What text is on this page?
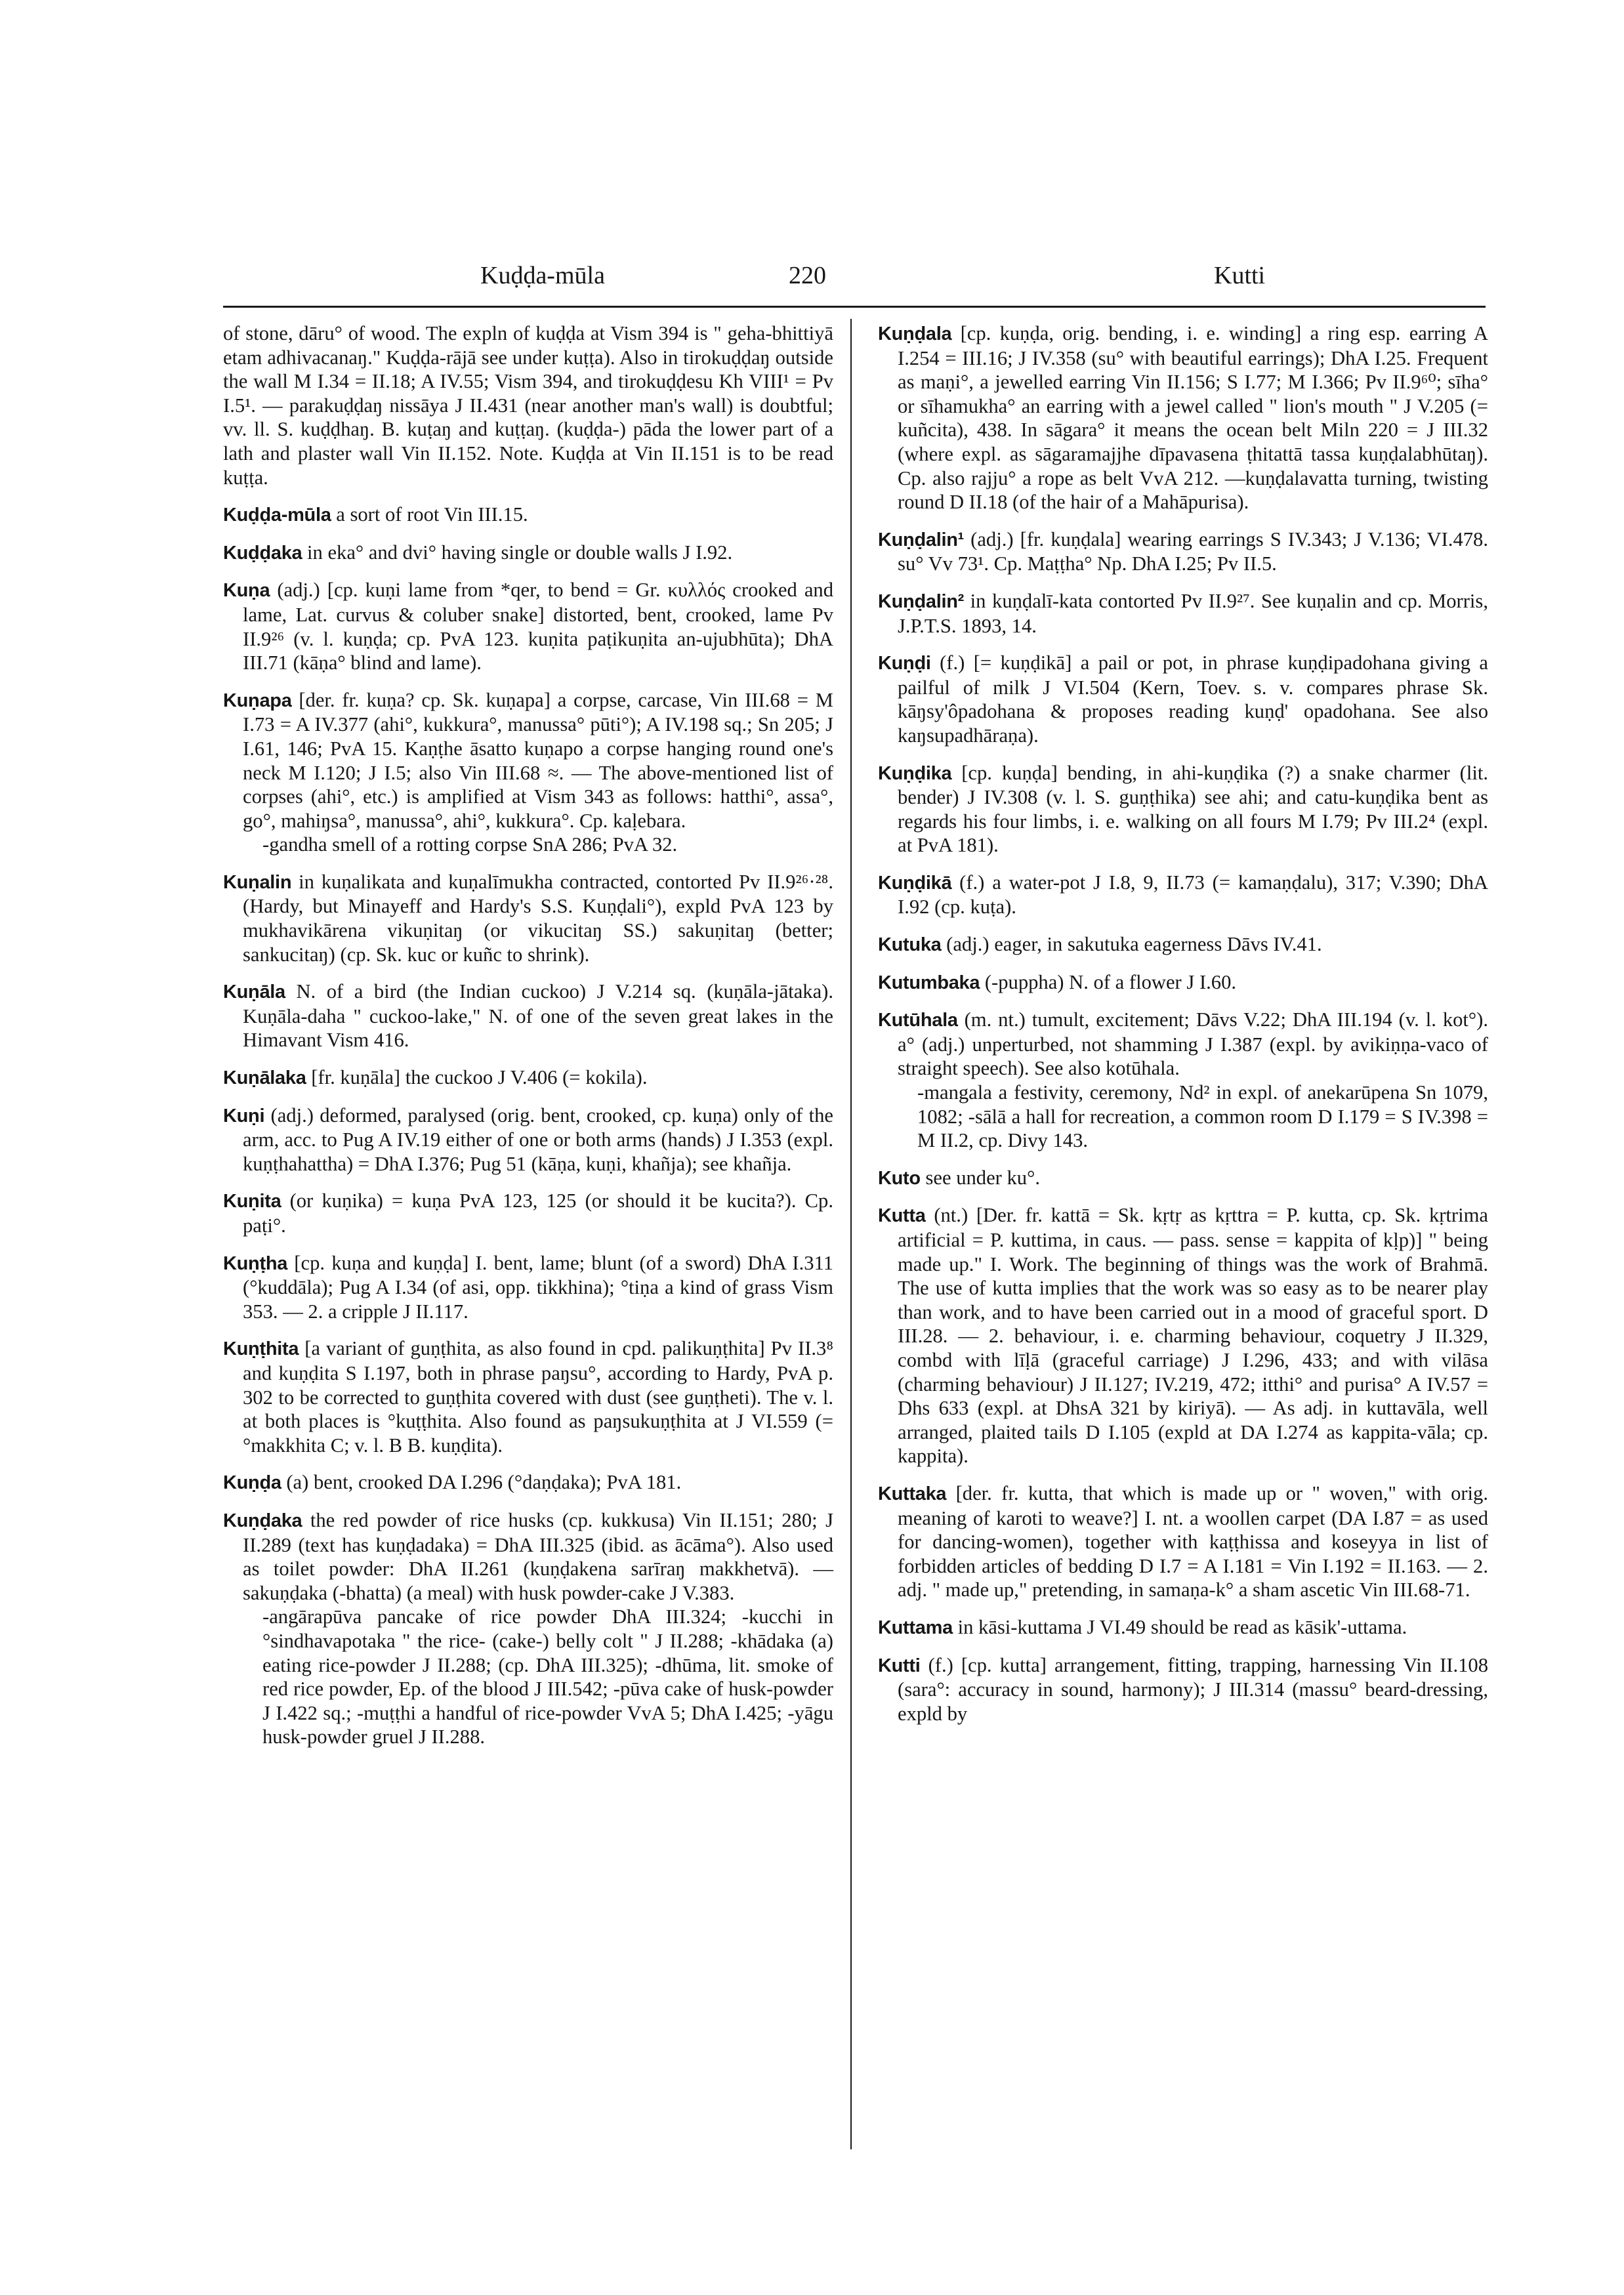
Kuḍḍa-mūla	220	Kutti
of stone, dāru° of wood. The expln of kuḍḍa at Vism 394 is " geha-bhittiyā etam adhivacanaŋ." Kuḍḍa-rājā see under kuṭṭa). Also in tirokuḍḍaŋ outside the wall M I.34 = II.18; A IV.55; Vism 394, and tirokuḍḍesu Kh VIII¹ = Pv I.5¹. — parakuḍḍaŋ nissāya J II.431 (near another man's wall) is doubtful; vv. ll. S. kuḍḍhaŋ. B. kuṭaŋ and kuṭṭaŋ. (kuḍḍa-) pāda the lower part of a lath and plaster wall Vin II.152. Note. Kuḍḍa at Vin II.151 is to be read kuṭṭa.
Kuḍḍa-mūla a sort of root Vin III.15.
Kuḍḍaka in eka° and dvi° having single or double walls J I.92.
Kuṇa (adj.) [cp. kuṇi lame from *qer, to bend = Gr. κυλλός crooked and lame, Lat. curvus & coluber snake] distorted, bent, crooked, lame Pv II.9²⁶ (v. l. kuṇḍa; cp. PvA 123. kuṇita paṭikuṇita an-ujubhūta); DhA III.71 (kāṇa° blind and lame).
Kuṇapa [der. fr. kuṇa? cp. Sk. kuṇapa] a corpse, carcase, Vin III.68 = M I.73 = A IV.377 (ahi°, kukkura°, manussa° pūti°); A IV.198 sq.; Sn 205; J I.61, 146; PvA 15. Kaṇṭhe āsatto kuṇapo a corpse hanging round one's neck M I.120; J I.5; also Vin III.68 ≈. — The above-mentioned list of corpses (ahi°, etc.) is amplified at Vism 343 as follows: hatthi°, assa°, go°, mahiŋsa°, manussa°, ahi°, kukkura°. Cp. kaḷebara.
-gandha smell of a rotting corpse SnA 286; PvA 32.
Kuṇalin in kuṇalikata and kuṇalīmukha contracted, contorted Pv II.9²⁶·²⁸. (Hardy, but Minayeff and Hardy's S.S. Kuṇḍali°), expld PvA 123 by mukhavikārena vikuṇitaŋ (or vikucitaŋ SS.) sakuṇitaŋ (better; sankucitaŋ) (cp. Sk. kuc or kuñc to shrink).
Kuṇāla N. of a bird (the Indian cuckoo) J V.214 sq. (kuṇāla-jātaka). Kuṇāla-daha " cuckoo-lake," N. of one of the seven great lakes in the Himavant Vism 416.
Kuṇālaka [fr. kuṇāla] the cuckoo J V.406 (= kokila).
Kuṇi (adj.) deformed, paralysed (orig. bent, crooked, cp. kuṇa) only of the arm, acc. to Pug A IV.19 either of one or both arms (hands) J I.353 (expl. kuṇṭhahattha) = DhA I.376; Pug 51 (kāṇa, kuṇi, khañja); see khañja.
Kuṇita (or kuṇika) = kuṇa PvA 123, 125 (or should it be kucita?). Cp. paṭi°.
Kuṇṭha [cp. kuṇa and kuṇḍa] I. bent, lame; blunt (of a sword) DhA I.311 (°kuddāla); Pug A I.34 (of asi, opp. tikkhina); °tiṇa a kind of grass Vism 353. — 2. a cripple J II.117.
Kuṇṭhita [a variant of guṇṭhita, as also found in cpd. palikuṇṭhita] Pv II.3⁸ and kuṇḍita S I.197, both in phrase paŋsu°, according to Hardy, PvA p. 302 to be corrected to guṇṭhita covered with dust (see guṇṭheti). The v. l. at both places is °kuṭṭhita. Also found as paŋsukuṇṭhita at J VI.559 (= °makkhita C; v. l. B B. kuṇḍita).
Kuṇḍa (a) bent, crooked DA I.296 (°daṇḍaka); PvA 181.
Kuṇḍaka the red powder of rice husks (cp. kukkusa) Vin II.151; 280; J II.289 (text has kuṇḍadaka) = DhA III.325 (ibid. as ācāma°). Also used as toilet powder: DhA II.261 (kuṇḍakena sarīraŋ makkhetvā). —sakuṇḍaka (-bhatta) (a meal) with husk powder-cake J V.383.
-angārapūva pancake of rice powder DhA III.324; -kucchi in °sindhavapotaka " the rice- (cake-) belly colt " J II.288; -khādaka (a) eating rice-powder J II.288; (cp. DhA III.325); -dhūma, lit. smoke of red rice powder, Ep. of the blood J III.542; -pūva cake of husk-powder J I.422 sq.; -muṭṭhi a handful of rice-powder VvA 5; DhA I.425; -yāgu husk-powder gruel J II.288.
Kuṇḍala [cp. kuṇḍa, orig. bending, i. e. winding] a ring esp. earring A I.254 = III.16; J IV.358 (su° with beautiful earrings); DhA I.25. Frequent as maṇi°, a jewelled earring Vin II.156; S I.77; M I.366; Pv II.9⁶⁰; sīha° or sīhamukha° an earring with a jewel called " lion's mouth " J V.205 (= kuñcita), 438. In sāgara° it means the ocean belt Miln 220 = J III.32 (where expl. as sāgaramajjhe dīpavasena ṭhitattā tassa kuṇḍalabhūtaŋ). Cp. also rajju° a rope as belt VvA 212. —kuṇḍalavatta turning, twisting round D II.18 (of the hair of a Mahāpurisa).
Kuṇḍalin¹ (adj.) [fr. kuṇḍala] wearing earrings S IV.343; J V.136; VI.478. su° Vv 73¹. Cp. Maṭṭha° Np. DhA I.25; Pv II.5.
Kuṇḍalin² in kuṇḍalī-kata contorted Pv II.9²⁷. See kuṇalin and cp. Morris, J.P.T.S. 1893, 14.
Kuṇḍi (f.) [= kuṇḍikā] a pail or pot, in phrase kuṇḍipadohana giving a pailful of milk J VI.504 (Kern, Toev. s. v. compares phrase Sk. kāŋsy'ôpadohana & proposes reading kuṇḍ' opadohana. See also kaŋsupadhāraṇa).
Kuṇḍika [cp. kuṇḍa] bending, in ahi-kuṇḍika (?) a snake charmer (lit. bender) J IV.308 (v. l. S. guṇṭhika) see ahi; and catu-kuṇḍika bent as regards his four limbs, i. e. walking on all fours M I.79; Pv III.2⁴ (expl. at PvA 181).
Kuṇḍikā (f.) a water-pot J I.8, 9, II.73 (= kamaṇḍalu), 317; V.390; DhA I.92 (cp. kuṭa).
Kutuka (adj.) eager, in sakutuka eagerness Dāvs IV.41.
Kutumbaka (-puppha) N. of a flower J I.60.
Kutūhala (m. nt.) tumult, excitement; Dāvs V.22; DhA III.194 (v. l. kot°). a° (adj.) unperturbed, not shamming J I.387 (expl. by avikiṇṇa-vaco of straight speech). See also kotūhala.
-mangala a festivity, ceremony, Nd² in expl. of anekarūpena Sn 1079, 1082; -sālā a hall for recreation, a common room D I.179 = S IV.398 = M II.2, cp. Divy 143.
Kuto see under ku°.
Kutta (nt.) [Der. fr. kattā = Sk. kṛtṛ as kṛttra = P. kutta, cp. Sk. kṛtrima artificial = P. kuttima, in caus. — pass. sense = kappita of kḷp)] " being made up." I. Work. The beginning of things was the work of Brahmā. The use of kutta implies that the work was so easy as to be nearer play than work, and to have been carried out in a mood of graceful sport. D III.28. — 2. behaviour, i. e. charming behaviour, coquetry J II.329, combd with līḷā (graceful carriage) J I.296, 433; and with vilāsa (charming behaviour) J II.127; IV.219, 472; itthi° and purisa° A IV.57 = Dhs 633 (expl. at DhsA 321 by kiriyā). — As adj. in kuttavāla, well arranged, plaited tails D I.105 (expld at DA I.274 as kappita-vāla; cp. kappita).
Kuttaka [der. fr. kutta, that which is made up or " woven," with orig. meaning of karoti to weave?] I. nt. a woollen carpet (DA I.87 = as used for dancing-women), together with kaṭṭhissa and koseyya in list of forbidden articles of bedding D I.7 = A I.181 = Vin I.192 = II.163. — 2. adj. " made up," pretending, in samaṇa-k° a sham ascetic Vin III.68-71.
Kuttama in kāsi-kuttama J VI.49 should be read as kāsik'-uttama.
Kutti (f.) [cp. kutta] arrangement, fitting, trapping, harnessing Vin II.108 (sara°: accuracy in sound, harmony); J III.314 (massu° beard-dressing, expld by
